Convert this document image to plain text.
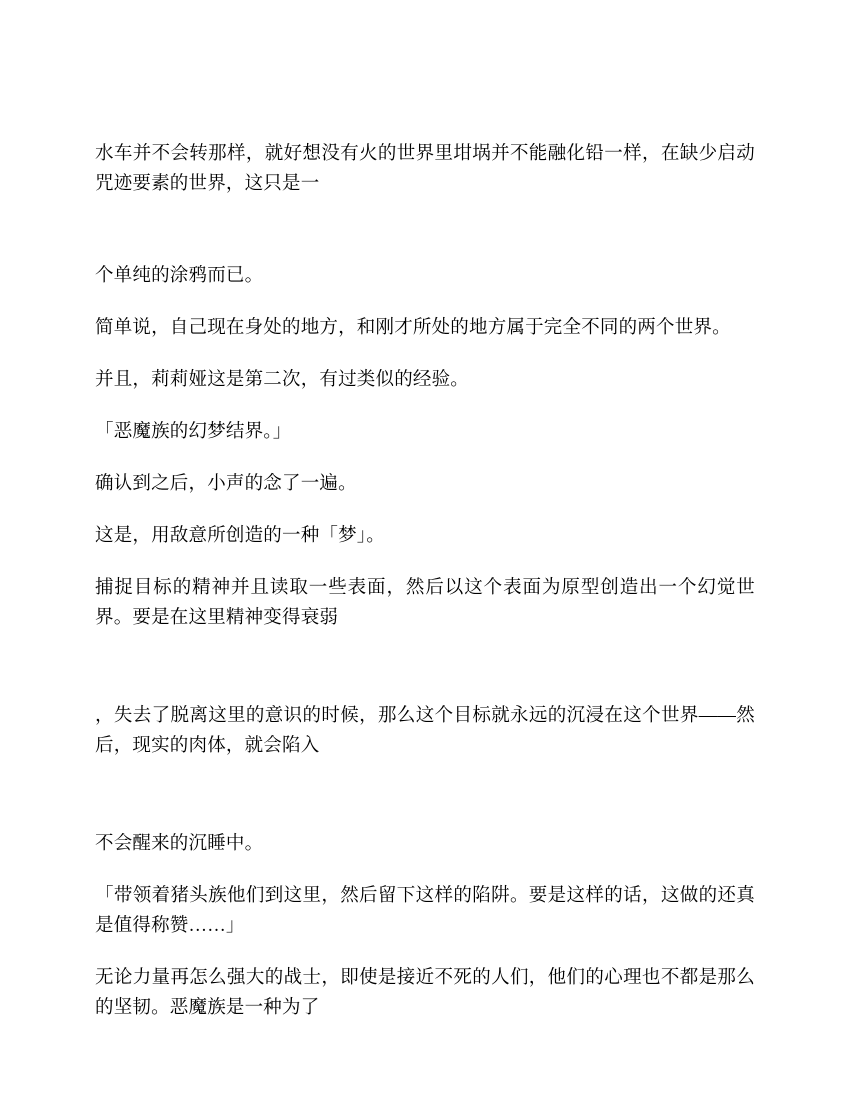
水车并不会转那样，就好想没有火的世界里坩埚并不能融化铅一样，在缺少启动咒迹要素的世界，这只是一

个单纯的涂鸦而已。

简单说，自己现在身处的地方，和刚才所处的地方属于完全不同的两个世界。

并且，莉莉娅这是第二次，有过类似的经验。

「恶魔族的幻梦结界。」

确认到之后，小声的念了一遍。

这是，用敌意所创造的一种「梦」。

捕捉目标的精神并且读取一些表面，然后以这个表面为原型创造出一个幻觉世界。要是在这里精神变得衰弱

，失去了脱离这里的意识的时候，那么这个目标就永远的沉浸在这个世界——然后，现实的肉体，就会陷入

不会醒来的沉睡中。

「带领着猪头族他们到这里，然后留下这样的陷阱。要是这样的话，这做的还真是值得称赞……」

无论力量再怎么强大的战士，即使是接近不死的人们，他们的心理也不都是那么的坚韧。恶魔族是一种为了
